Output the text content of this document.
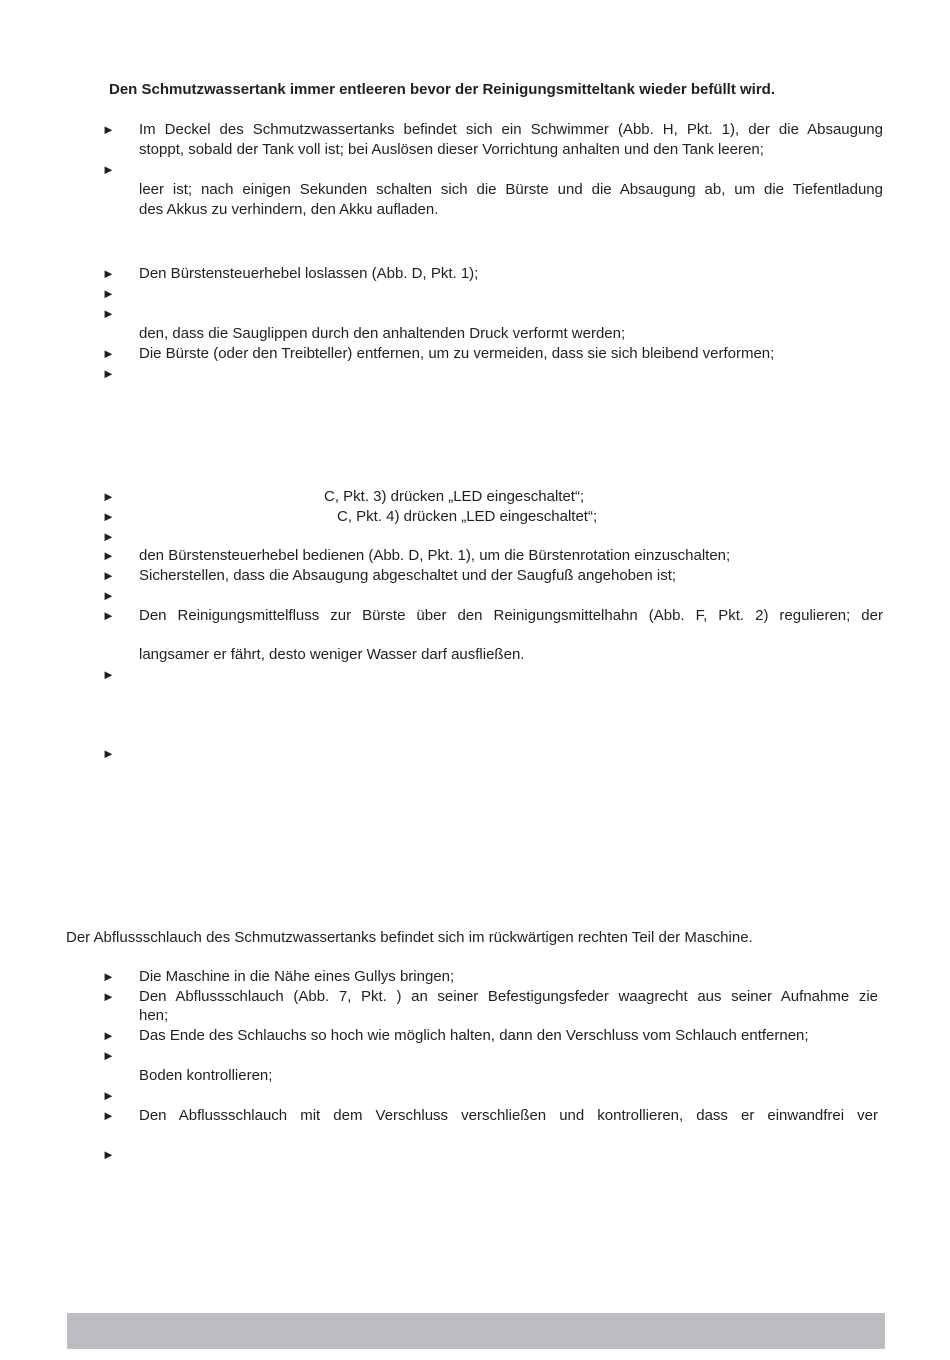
Den Schmutzwassertank immer entleeren bevor der Reinigungsmitteltank wieder befüllt wird.
► Im Deckel des Schmutzwassertanks befindet sich ein Schwimmer (Abb. H, Pkt. 1), der die Absaugung
stoppt, sobald der Tank voll ist; bei Auslösen dieser Vorrichtung anhalten und den Tank leeren;
►
leer ist; nach einigen Sekunden schalten sich die Bürste und die Absaugung ab, um die Tiefentladung
des Akkus zu verhindern, den Akku aufladen.
► Den Bürstensteuerhebel loslassen (Abb. D, Pkt. 1);
►
►
den, dass die Sauglippen durch den anhaltenden Druck verformt werden;
► Die Bürste (oder den Treibteller) entfernen, um zu vermeiden, dass sie sich bleibend verformen;
►
►	C, Pkt. 3) drücken „LED eingeschaltet“;
►	C, Pkt. 4) drücken „LED eingeschaltet“;
►
► den Bürstensteuerhebel bedienen (Abb. D, Pkt. 1), um die Bürstenrotation einzuschalten;
► Sicherstellen, dass die Absaugung abgeschaltet und der Saugfuß angehoben ist;
►
► Den Reinigungsmittelfluss zur Bürste über den Reinigungsmittelhahn (Abb. F, Pkt. 2) regulieren; der
langsamer er fährt, desto weniger Wasser darf ausfließen.
►
►
Der Abflussschlauch des Schmutzwassertanks befindet sich im rückwärtigen rechten Teil der Maschine.
► Die Maschine in die Nähe eines Gullys bringen;
► Den Abflussschlauch (Abb. 7, Pkt. ) an seiner Befestigungsfeder waagrecht aus seiner Aufnahme zie
hen;
► Das Ende des Schlauchs so hoch wie möglich halten, dann den Verschluss vom Schlauch entfernen;
►
Boden kontrollieren;
►
► Den Abflussschlauch mit dem Verschluss verschließen und kontrollieren, dass er einwandfrei ver
►
